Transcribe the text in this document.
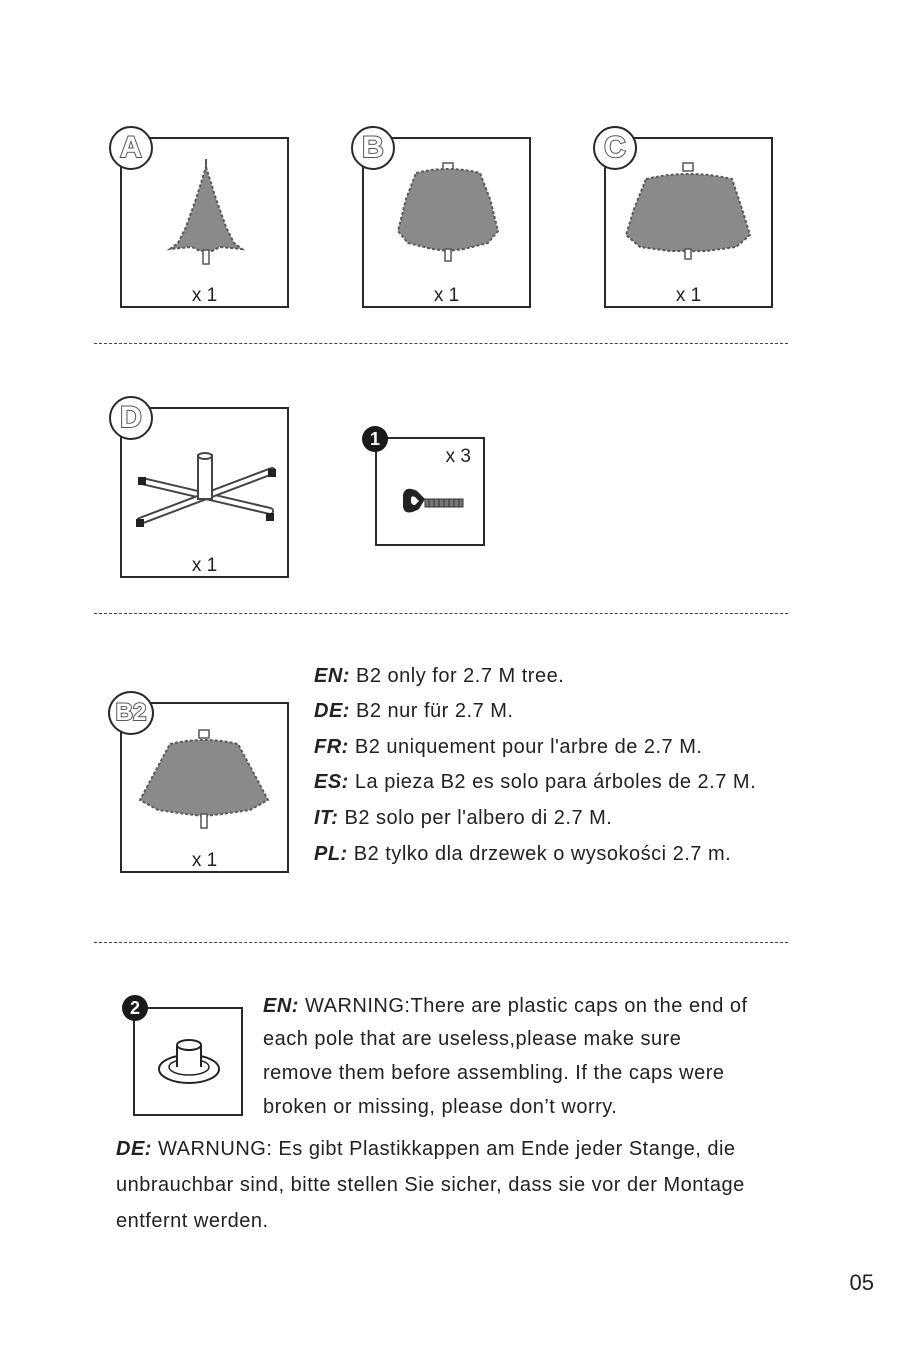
x 1
A
x 1
B
x 1
C
x 1
D
x 3
1
x 1
B2
EN: B2 only for 2.7 M tree.
DE: B2 nur für 2.7 M.
FR: B2 uniquement pour l'arbre de 2.7 M.
ES: La pieza B2 es solo para árboles de 2.7 M.
IT: B2 solo per l'albero di 2.7 M.
PL: B2 tylko dla drzewek o wysokości 2.7 m.
2	EN: WARNING:There are plastic caps on the end of
each pole that are useless,please make sure
remove them before assembling. If the caps were
broken or missing, please don’t worry.
DE: WARNUNG: Es gibt Plastikkappen am Ende jeder Stange, die
unbrauchbar sind, bitte stellen Sie sicher, dass sie vor der Montage
entfernt werden.
05
